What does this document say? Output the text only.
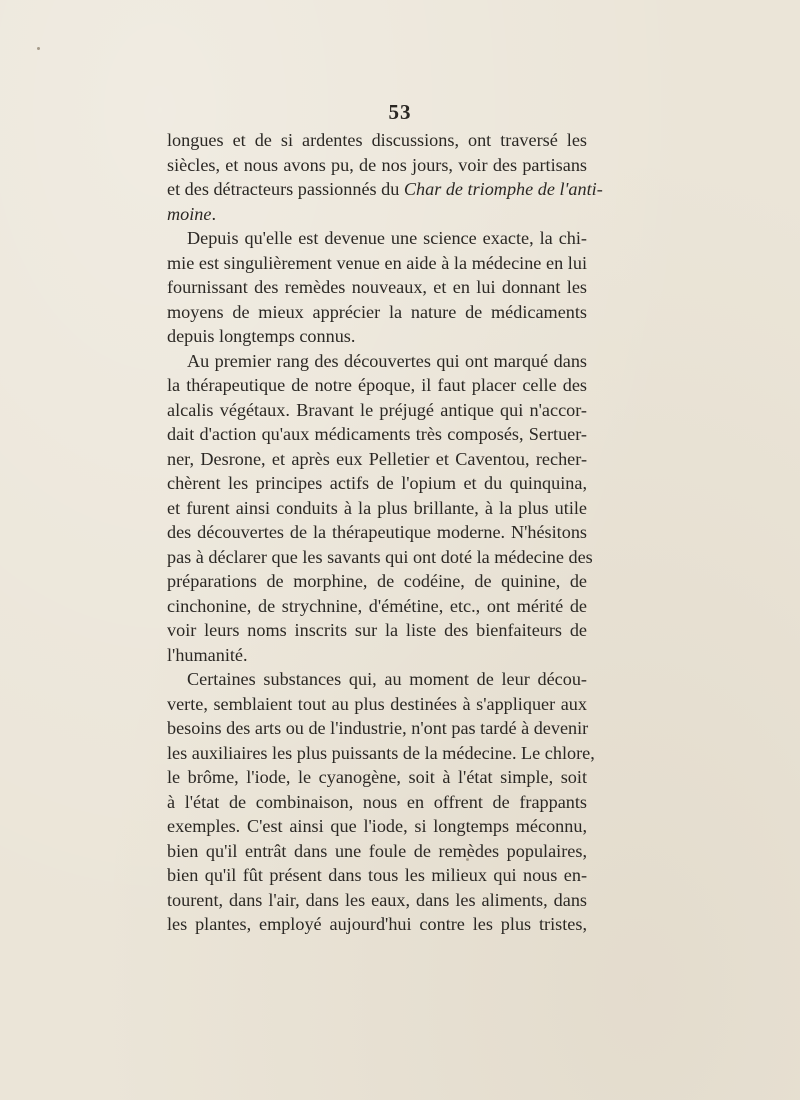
53
longues et de si ardentes discussions, ont traversé les
siècles, et nous avons pu, de nos jours, voir des partisans
et des détracteurs passionnés du Char de triomphe de l'anti-
moine.
Depuis qu'elle est devenue une science exacte, la chi-
mie est singulièrement venue en aide à la médecine en lui
fournissant des remèdes nouveaux, et en lui donnant les
moyens de mieux apprécier la nature de médicaments
depuis longtemps connus.
Au premier rang des découvertes qui ont marqué dans
la thérapeutique de notre époque, il faut placer celle des
alcalis végétaux. Bravant le préjugé antique qui n'accor-
dait d'action qu'aux médicaments très composés, Sertuer-
ner, Desrone, et après eux Pelletier et Caventou, recher-
chèrent les principes actifs de l'opium et du quinquina,
et furent ainsi conduits à la plus brillante, à la plus utile
des découvertes de la thérapeutique moderne. N'hésitons
pas à déclarer que les savants qui ont doté la médecine des
préparations de morphine, de codéine, de quinine, de
cinchonine, de strychnine, d'émétine, etc., ont mérité de
voir leurs noms inscrits sur la liste des bienfaiteurs de
l'humanité.
Certaines substances qui, au moment de leur décou-
verte, semblaient tout au plus destinées à s'appliquer aux
besoins des arts ou de l'industrie, n'ont pas tardé à devenir
les auxiliaires les plus puissants de la médecine. Le chlore,
le brôme, l'iode, le cyanogène, soit à l'état simple, soit
à l'état de combinaison, nous en offrent de frappants
exemples. C'est ainsi que l'iode, si longtemps méconnu,
bien qu'il entrât dans une foule de remèdes populaires,
bien qu'il fût présent dans tous les milieux qui nous en-
tourent, dans l'air, dans les eaux, dans les aliments, dans
les plantes, employé aujourd'hui contre les plus tristes,
